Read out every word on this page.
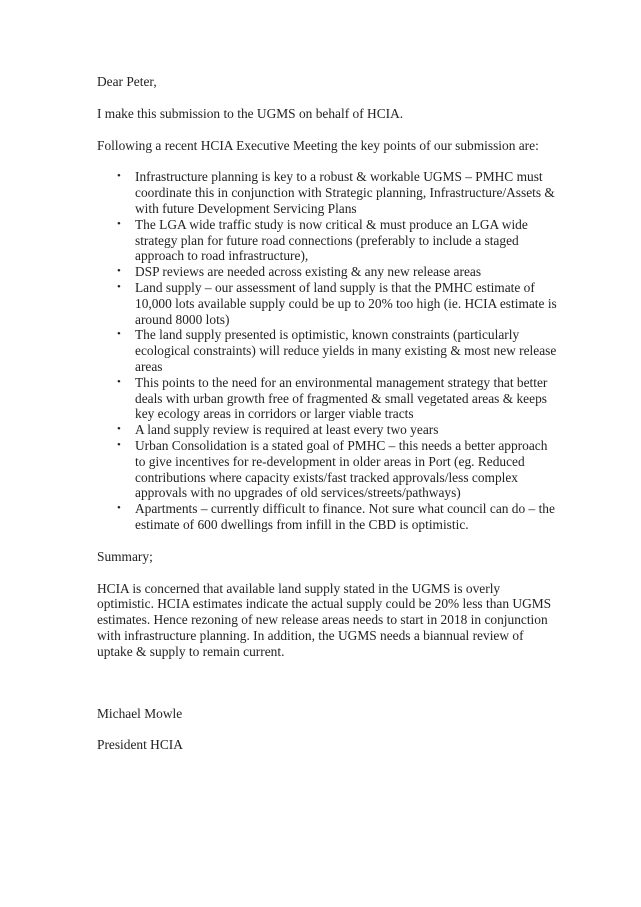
Dear Peter,

I make this submission to the UGMS on behalf of HCIA.

Following a recent HCIA Executive Meeting the key points of our submission are:

• Infrastructure planning is key to a robust & workable UGMS – PMHC must
coordinate this in conjunction with Strategic planning, Infrastructure/Assets &
with future Development Servicing Plans
• The LGA wide traffic study is now critical & must produce an LGA wide
strategy plan for future road connections (preferably to include a staged
approach to road infrastructure),
• DSP reviews are needed across existing & any new release areas
• Land supply – our assessment of land supply is that the PMHC estimate of
10,000 lots available supply could be up to 20% too high (ie. HCIA estimate is
around 8000 lots)
• The land supply presented is optimistic, known constraints (particularly
ecological constraints) will reduce yields in many existing & most new release
areas
• This points to the need for an environmental management strategy that better
deals with urban growth free of fragmented & small vegetated areas & keeps
key ecology areas in corridors or larger viable tracts
• A land supply review is required at least every two years
• Urban Consolidation is a stated goal of PMHC – this needs a better approach
to give incentives for re-development in older areas in Port (eg. Reduced
contributions where capacity exists/fast tracked approvals/less complex
approvals with no upgrades of old services/streets/pathways)
• Apartments – currently difficult to finance. Not sure what council can do – the
estimate of 600 dwellings from infill in the CBD is optimistic.

Summary;

HCIA is concerned that available land supply stated in the UGMS is overly
optimistic. HCIA estimates indicate the actual supply could be 20% less than UGMS
estimates. Hence rezoning of new release areas needs to start in 2018 in conjunction
with infrastructure planning. In addition, the UGMS needs a biannual review of
uptake & supply to remain current.

Michael Mowle

President HCIA
